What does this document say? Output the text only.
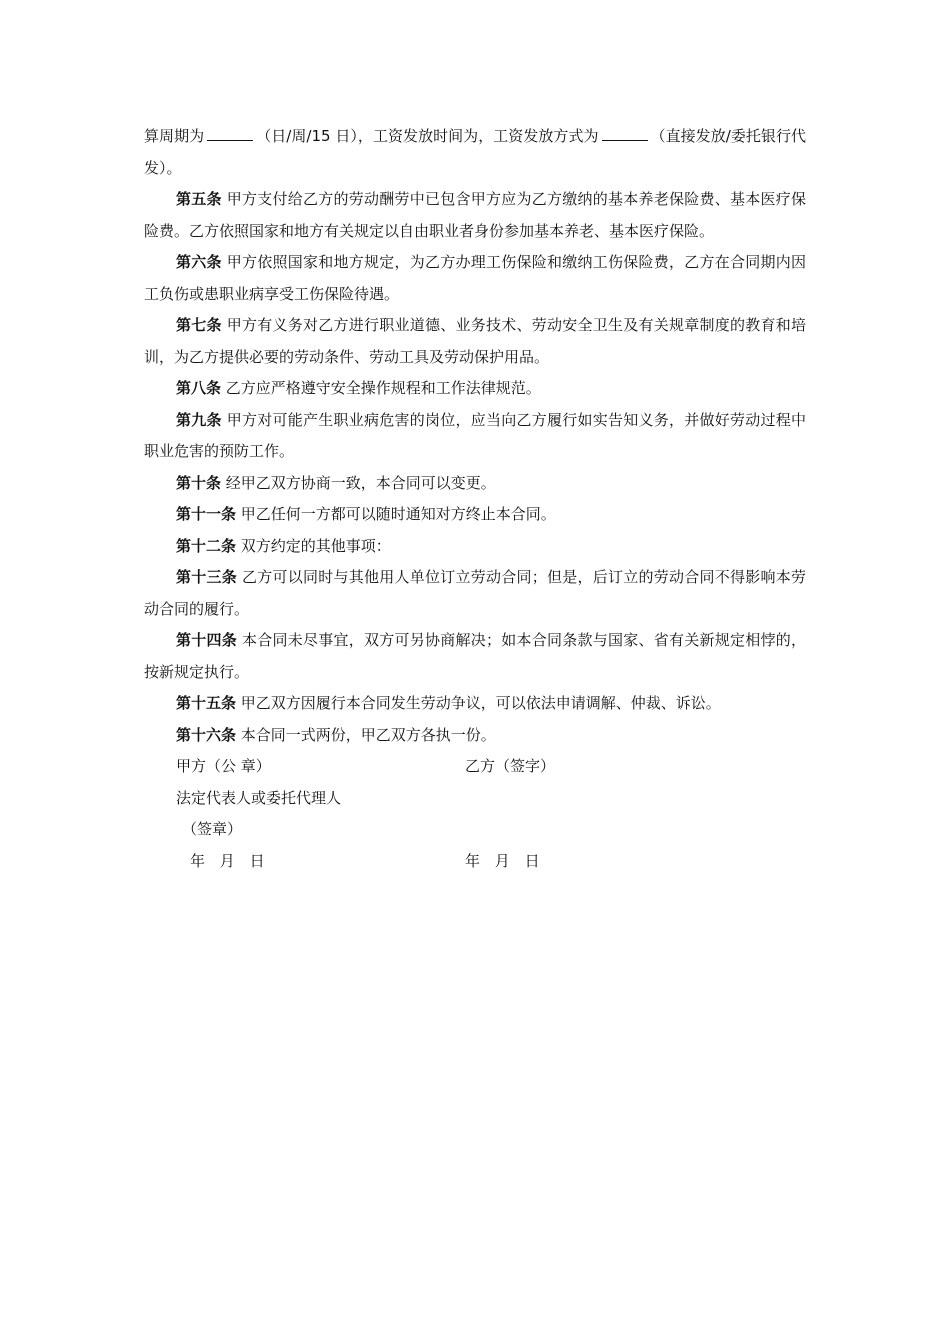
算周期为	（日/周/15 日），工资发放时间为，工资发放方式为	（直接发放/委托银行代发）。

第五条 甲方支付给乙方的劳动酬劳中已包含甲方应为乙方缴纳的基本养老保险费、基本医疗保险费。乙方依照国家和地方有关规定以自由职业者身份参加基本养老、基本医疗保险。

第六条 甲方依照国家和地方规定，为乙方办理工伤保险和缴纳工伤保险费，乙方在合同期内因工负伤或患职业病享受工伤保险待遇。

第七条 甲方有义务对乙方进行职业道德、业务技术、劳动安全卫生及有关规章制度的教育和培训，为乙方提供必要的劳动条件、劳动工具及劳动保护用品。

第八条 乙方应严格遵守安全操作规程和工作法律规范。

第九条 甲方对可能产生职业病危害的岗位，应当向乙方履行如实告知义务，并做好劳动过程中职业危害的预防工作。

第十条 经甲乙双方协商一致，本合同可以变更。

第十一条 甲乙任何一方都可以随时通知对方终止本合同。

第十二条 双方约定的其他事项：

第十三条 乙方可以同时与其他用人单位订立劳动合同；但是，后订立的劳动合同不得影响本劳动合同的履行。

第十四条 本合同未尽事宜，双方可另协商解决；如本合同条款与国家、省有关新规定相悖的，按新规定执行。

第十五条 甲乙双方因履行本合同发生劳动争议，可以依法申请调解、仲裁、诉讼。

第十六条 本合同一式两份，甲乙双方各执一份。

甲方（公 章）	乙方（签字）
法定代表人或委托代理人
（签章）
年 月 日	年 月 日
